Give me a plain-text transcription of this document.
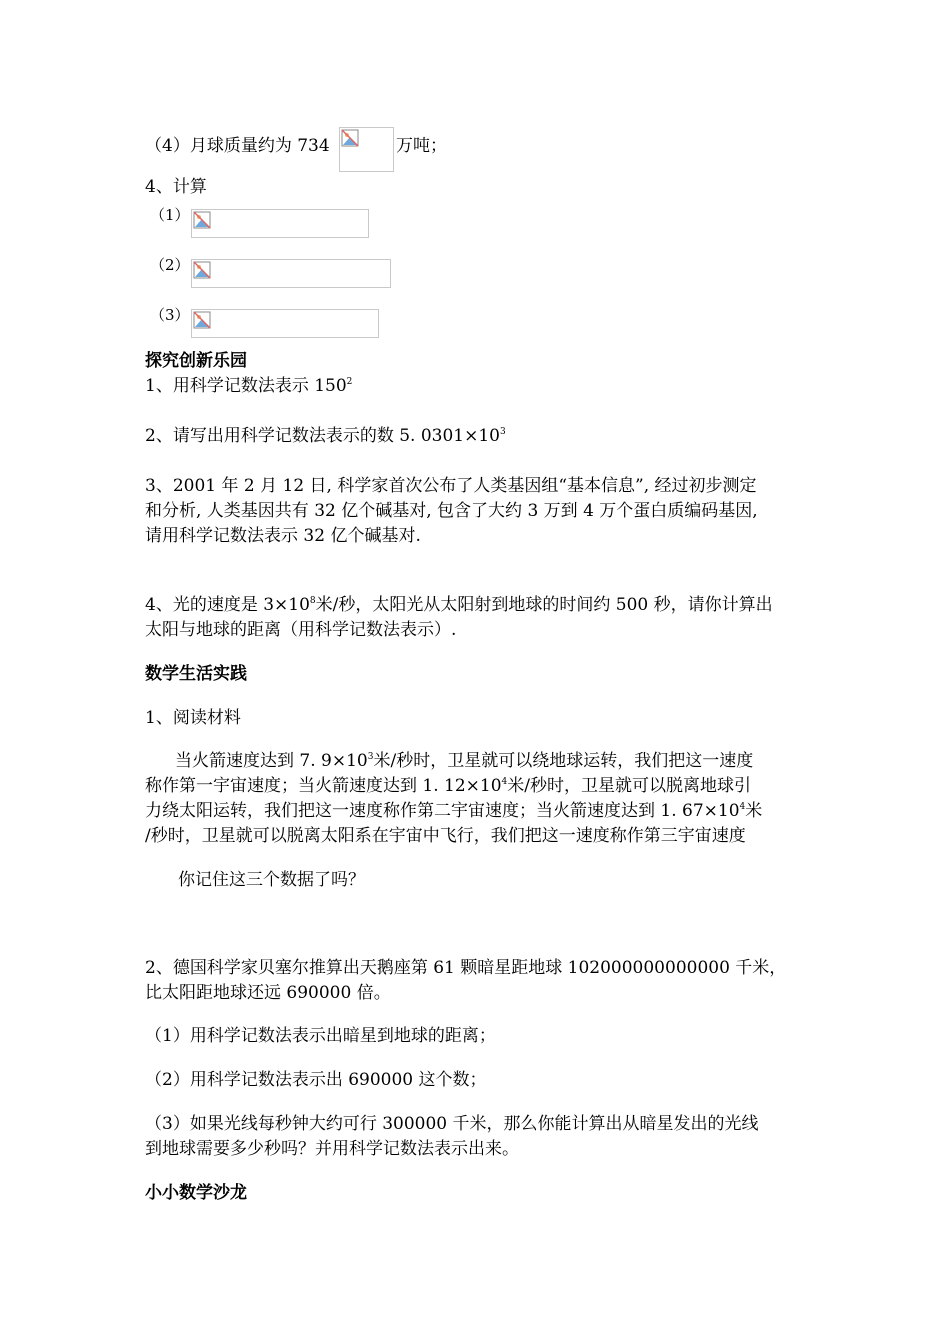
（4）月球质量约为 734	万吨；
4、计算
（1）
（2）
（3）
探究创新乐园
1、用科学记数法表示 $150^2$
2、请写出用科学记数法表示的数 5. $0301\times 10^3$
3、2001 年 2 月 12 日, 科学家首次公布了人类基因组“基本信息”, 经过初步测定
和分析, 人类基因共有 32 亿个碱基对, 包含了大约 3 万到 4 万个蛋白质编码基因,
请用科学记数法表示 32 亿个碱基对.
4、光的速度是 $3\times 10^8$米/秒，太阳光从太阳射到地球的时间约 500 秒，请你计算出
太阳与地球的距离（用科学记数法表示）.
数学生活实践
1、阅读材料
当火箭速度达到 7. $9\times 10^3$米/秒时，卫星就可以绕地球运转，我们把这一速度
称作第一宇宙速度；当火箭速度达到 1. $12\times 10^4$米/秒时，卫星就可以脱离地球引
力绕太阳运转，我们把这一速度称作第二宇宙速度；当火箭速度达到 1. $67\times 10^4$米
/秒时，卫星就可以脱离太阳系在宇宙中飞行，我们把这一速度称作第三宇宙速度
你记住这三个数据了吗？
2、德国科学家贝塞尔推算出天鹅座第 61 颗暗星距地球 102000000000000 千米，
比太阳距地球还远 690000 倍。
（1）用科学记数法表示出暗星到地球的距离；
（2）用科学记数法表示出 690000 这个数；
（3）如果光线每秒钟大约可行 300000 千米，那么你能计算出从暗星发出的光线
到地球需要多少秒吗？并用科学记数法表示出来。
小小数学沙龙
